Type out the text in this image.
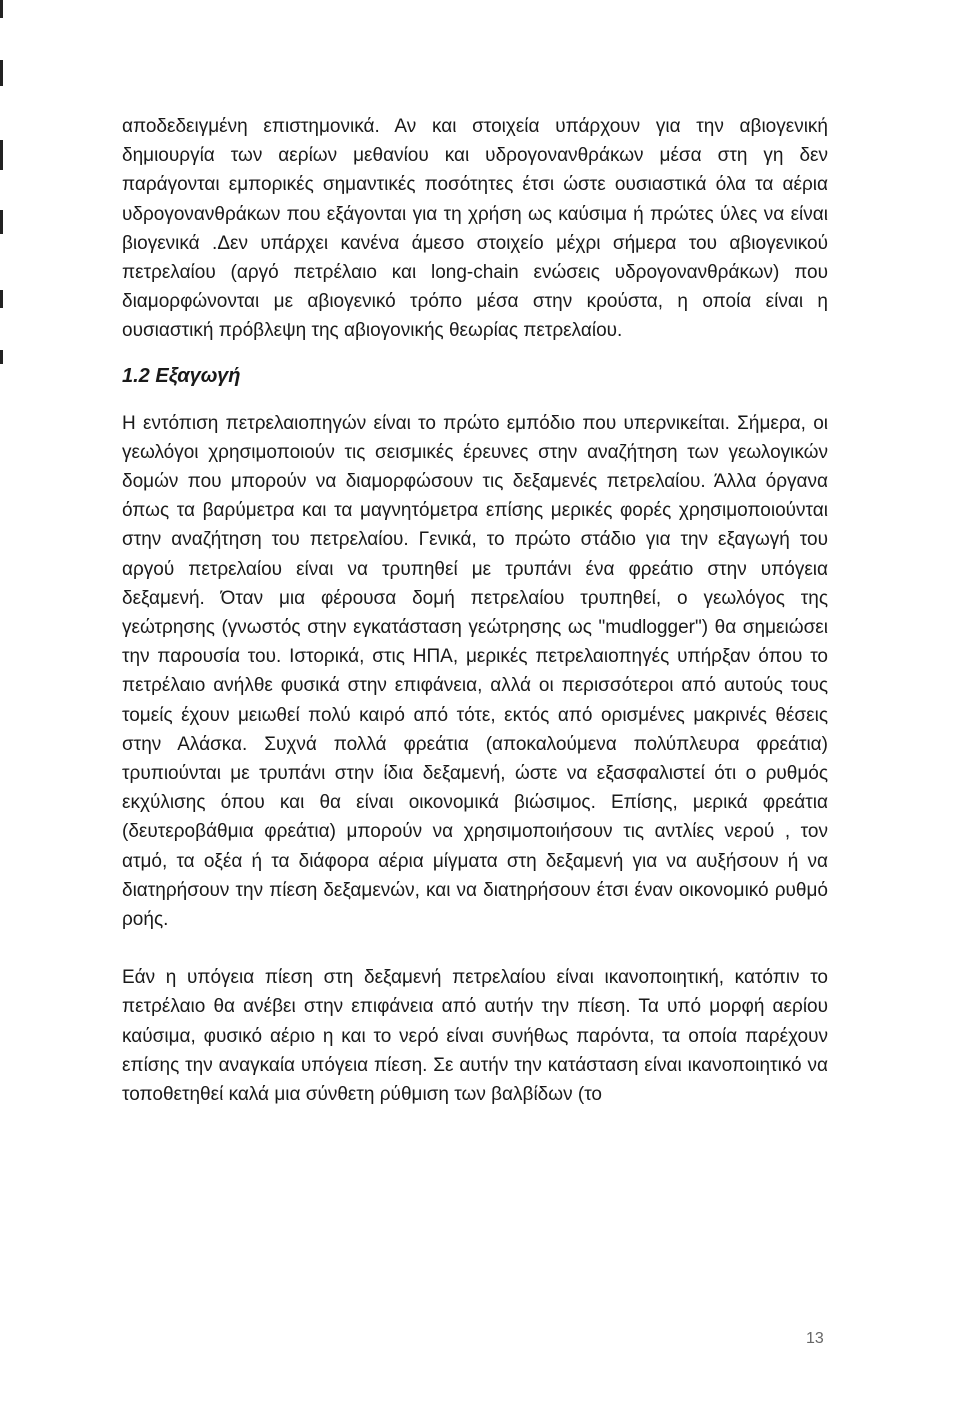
αποδεδειγμένη επιστημονικά. Αν και στοιχεία υπάρχουν για την αβιογενική δημιουργία των αερίων μεθανίου και υδρογονανθράκων μέσα στη γη δεν παράγονται εμπορικές σημαντικές ποσότητες έτσι ώστε ουσιαστικά όλα τα αέρια υδρογονανθράκων που εξάγονται για τη χρήση ως καύσιμα ή πρώτες ύλες να είναι βιογενικά .Δεν υπάρχει κανένα άμεσο στοιχείο μέχρι σήμερα του αβιογενικού πετρελαίου (αργό πετρέλαιο και long-chain ενώσεις υδρογονανθράκων) που διαμορφώνονται με αβιογενικό τρόπο μέσα στην κρούστα, η οποία είναι η ουσιαστική πρόβλεψη της αβιογονικής θεωρίας πετρελαίου.

1.2 Εξαγωγή

Η εντόπιση πετρελαιοπηγών είναι το πρώτο εμπόδιο που υπερνικείται. Σήμερα, οι γεωλόγοι χρησιμοποιούν τις σεισμικές έρευνες στην αναζήτηση των γεωλογικών δομών που μπορούν να διαμορφώσουν τις δεξαμενές πετρελαίου. Άλλα όργανα όπως τα βαρύμετρα και τα μαγνητόμετρα επίσης μερικές φορές χρησιμοποιούνται στην αναζήτηση του πετρελαίου. Γενικά, το πρώτο στάδιο για την εξαγωγή του αργού πετρελαίου είναι να τρυπηθεί με τρυπάνι ένα φρεάτιο στην υπόγεια δεξαμενή. Όταν μια φέρουσα δομή πετρελαίου τρυπηθεί, ο γεωλόγος της γεώτρησης (γνωστός στην εγκατάσταση γεώτρησης ως "mudlogger") θα σημειώσει την παρουσία του. Ιστορικά, στις ΗΠΑ, μερικές πετρελαιοπηγές υπήρξαν όπου το πετρέλαιο ανήλθε φυσικά στην επιφάνεια, αλλά οι περισσότεροι από αυτούς τους τομείς έχουν μειωθεί πολύ καιρό από τότε, εκτός από ορισμένες μακρινές θέσεις στην Αλάσκα. Συχνά πολλά φρεάτια (αποκαλούμενα πολύπλευρα φρεάτια) τρυπιούνται με τρυπάνι στην ίδια δεξαμενή, ώστε να εξασφαλιστεί ότι ο ρυθμός εκχύλισης όπου και θα είναι οικονομικά βιώσιμος. Επίσης, μερικά φρεάτια (δευτεροβάθμια φρεάτια) μπορούν να χρησιμοποιήσουν τις αντλίες νερού , τον ατμό, τα οξέα ή τα διάφορα αέρια μίγματα στη δεξαμενή για να αυξήσουν ή να διατηρήσουν την πίεση δεξαμενών, και να διατηρήσουν έτσι έναν οικονομικό ρυθμό ροής.

Εάν η υπόγεια πίεση στη δεξαμενή πετρελαίου είναι ικανοποιητική, κατόπιν το πετρέλαιο θα ανέβει στην επιφάνεια από αυτήν την πίεση. Τα υπό μορφή αερίου καύσιμα, φυσικό αέριο η και το νερό είναι συνήθως παρόντα, τα οποία παρέχουν επίσης την αναγκαία υπόγεια πίεση. Σε αυτήν την κατάσταση είναι ικανοποιητικό να τοποθετηθεί καλά μια σύνθετη ρύθμιση των βαλβίδων (το

13
